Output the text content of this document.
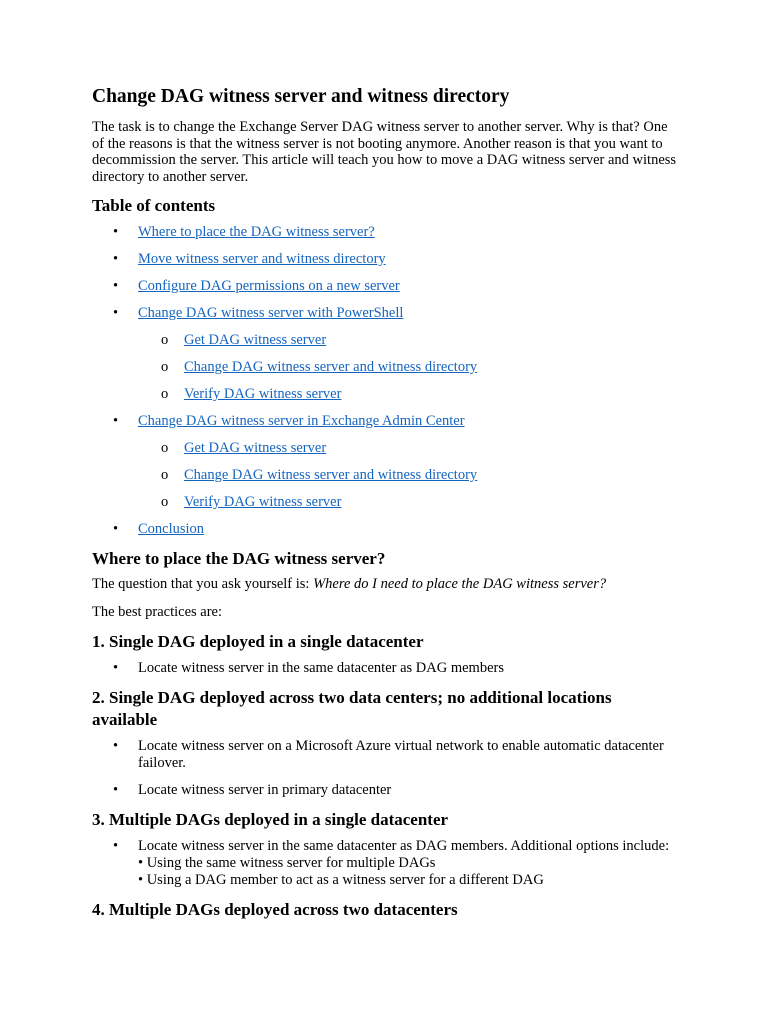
Change DAG witness server and witness directory

The task is to change the Exchange Server DAG witness server to another server. Why is that? One of the reasons is that the witness server is not booting anymore. Another reason is that you want to decommission the server. This article will teach you how to move a DAG witness server and witness directory to another server.

Table of contents
• Where to place the DAG witness server?
• Move witness server and witness directory
• Configure DAG permissions on a new server
• Change DAG witness server with PowerShell
o Get DAG witness server
o Change DAG witness server and witness directory
o Verify DAG witness server
• Change DAG witness server in Exchange Admin Center
o Get DAG witness server
o Change DAG witness server and witness directory
o Verify DAG witness server
• Conclusion
Where to place the DAG witness server?

The question that you ask yourself is: Where do I need to place the DAG witness server?

The best practices are:

1. Single DAG deployed in a single datacenter
• Locate witness server in the same datacenter as DAG members
2. Single DAG deployed across two data centers; no additional locations available
• Locate witness server on a Microsoft Azure virtual network to enable automatic datacenter failover.
• Locate witness server in primary datacenter
3. Multiple DAGs deployed in a single datacenter
• Locate witness server in the same datacenter as DAG members. Additional options include:
• Using the same witness server for multiple DAGs
• Using a DAG member to act as a witness server for a different DAG
4. Multiple DAGs deployed across two datacenters
